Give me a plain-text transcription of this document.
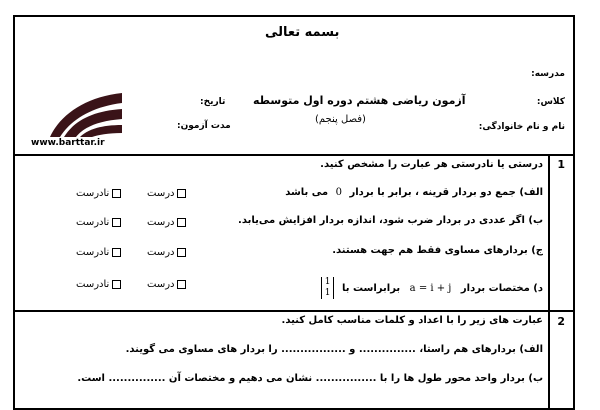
بسمه تعالی
مدرسه:
کلاس:
نام و نام خانوادگی:
آزمون ریاضی هشتم دوره اول متوسطه
(فصل پنجم)
تاریخ:
مدت آزمون:
www.barttar.ir
1
درستی یا نادرستی هر عبارت را مشخص کنید.
الف) جمع دو بردار قرینه ، برابر با بردار 0 می باشد
ب) اگر عددی در بردار ضرب شود، اندازه بردار افزایش می‌یابد.
ج) بردارهای مساوی فقط هم جهت هستند.
د) مختصات بردار a = i + j برابراست با 1
1
درست
نادرست
درست
نادرست
درست
نادرست
درست
نادرست
2
عبارت های زیر را با اعداد و کلمات مناسب کامل کنید.
الف) بردارهای هم راستا، ............... و ................. را بردار های مساوی می گویند.
ب) بردار واحد محور طول ها را با ................ نشان می دهیم و مختصات آن ............... است.
